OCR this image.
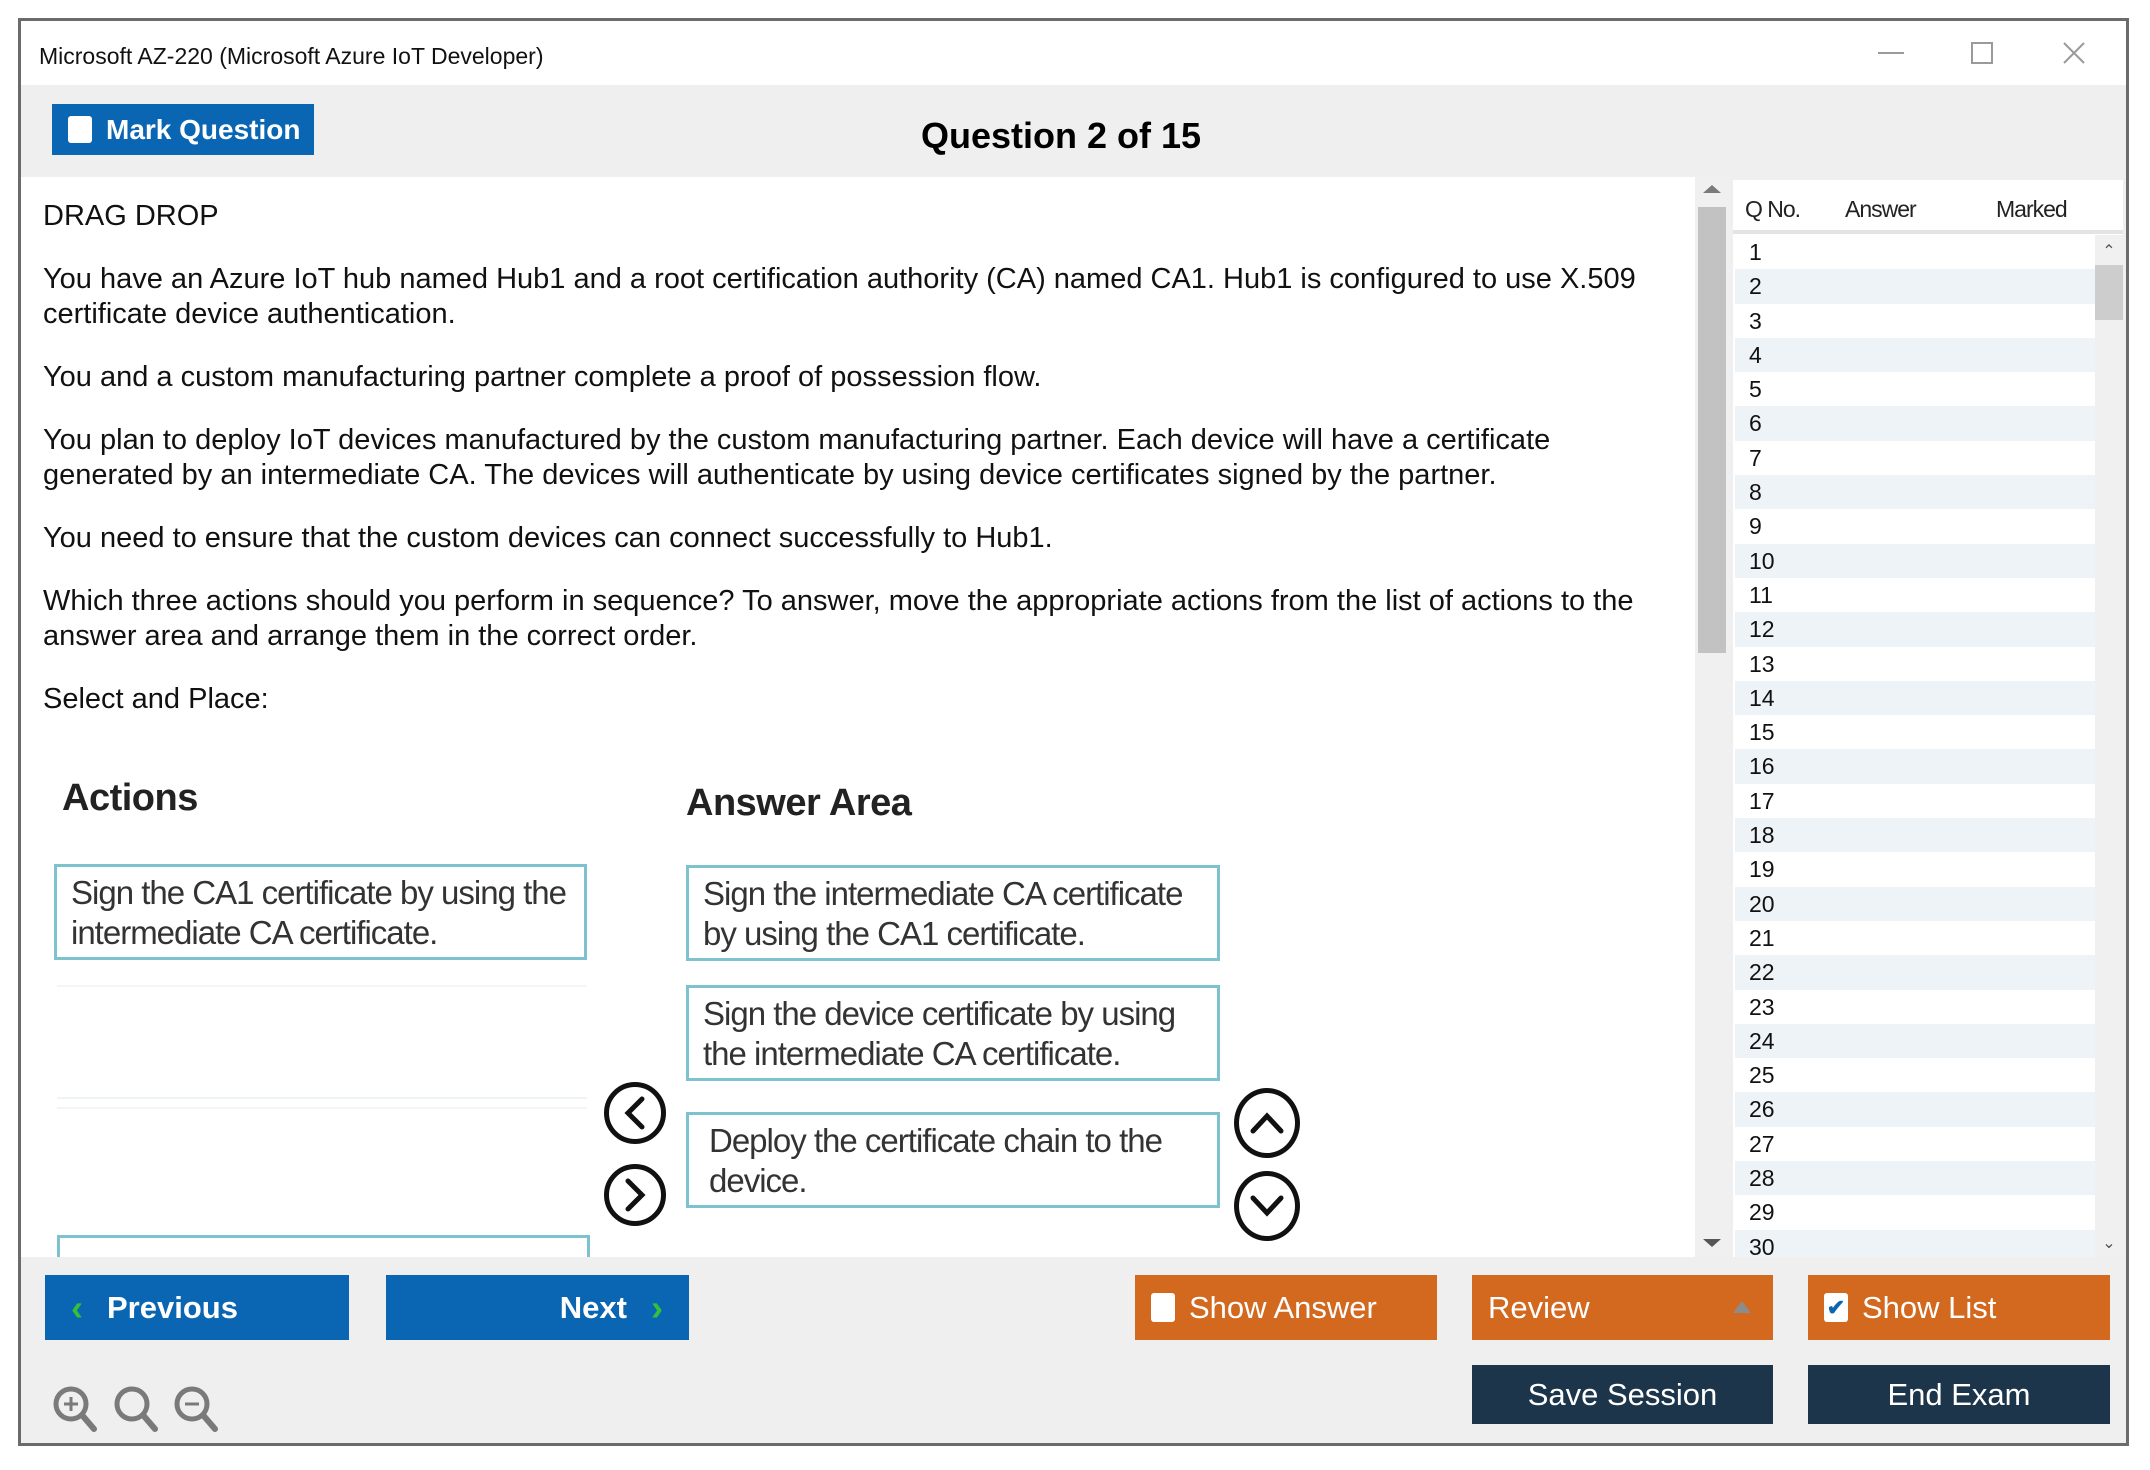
Microsoft AZ-220 (Microsoft Azure IoT Developer)
Mark Question	Question 2 of 15

DRAG DROP

You have an Azure IoT hub named Hub1 and a root certification authority (CA) named CA1. Hub1 is configured to use X.509 certificate device authentication.

You and a custom manufacturing partner complete a proof of possession flow.

You plan to deploy IoT devices manufactured by the custom manufacturing partner. Each device will have a certificate generated by an intermediate CA. The devices will authenticate by using device certificates signed by the partner.

You need to ensure that the custom devices can connect successfully to Hub1.

Which three actions should you perform in sequence? To answer, move the appropriate actions from the list of actions to the answer area and arrange them in the correct order.

Select and Place:

Actions	Answer Area
Sign the CA1 certificate by using the intermediate CA certificate.
Sign the intermediate CA certificate by using the CA1 certificate.
Sign the device certificate by using the intermediate CA certificate.
Deploy the certificate chain to the device.
Q No. Answer	Marked
1
2
3
4
5
6
7
8
9
10
11
12
13
14
15
16
17
18
19
20
21
22
23
24
25
26
27
28
29
30
⌃
⌄
‹ Previous	Next ›	Show Answer	Review	✔ Show List
Save Session	End Exam
